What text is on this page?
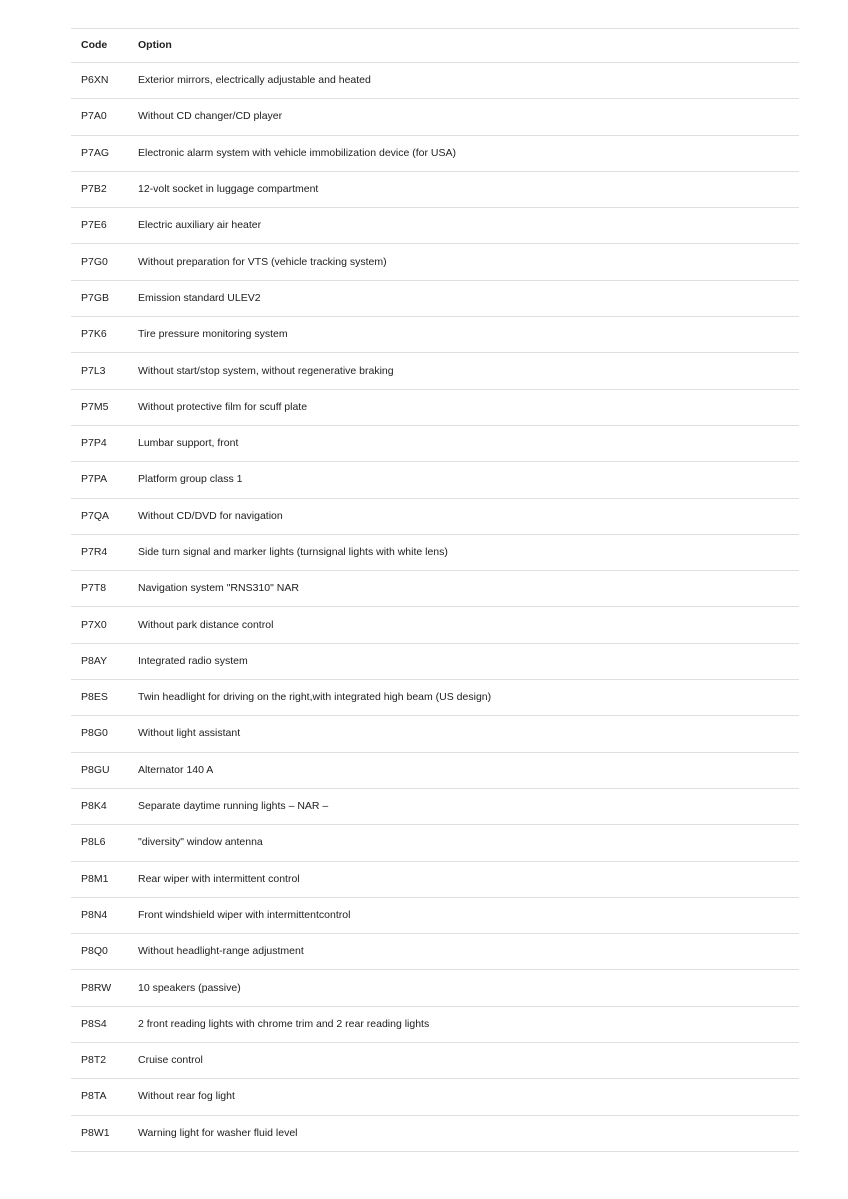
Code	Option
P6XN	Exterior mirrors, electrically adjustable and heated
P7A0	Without CD changer/CD player
P7AG	Electronic alarm system with vehicle immobilization device (for USA)
P7B2	12-volt socket in luggage compartment
P7E6	Electric auxiliary air heater
P7G0	Without preparation for VTS (vehicle tracking system)
P7GB	Emission standard ULEV2
P7K6	Tire pressure monitoring system
P7L3	Without start/stop system, without regenerative braking
P7M5	Without protective film for scuff plate
P7P4	Lumbar support, front
P7PA	Platform group class 1
P7QA	Without CD/DVD for navigation
P7R4	Side turn signal and marker lights (turnsignal lights with white lens)
P7T8	Navigation system "RNS310" NAR
P7X0	Without park distance control
P8AY	Integrated radio system
P8ES	Twin headlight for driving on the right,with integrated high beam (US design)
P8G0	Without light assistant
P8GU	Alternator 140 A
P8K4	Separate daytime running lights – NAR –
P8L6	"diversity" window antenna
P8M1	Rear wiper with intermittent control
P8N4	Front windshield wiper with intermittentcontrol
P8Q0	Without headlight-range adjustment
P8RW	10 speakers (passive)
P8S4	2 front reading lights with chrome trim and 2 rear reading lights
P8T2	Cruise control
P8TA	Without rear fog light
P8W1	Warning light for washer fluid level
